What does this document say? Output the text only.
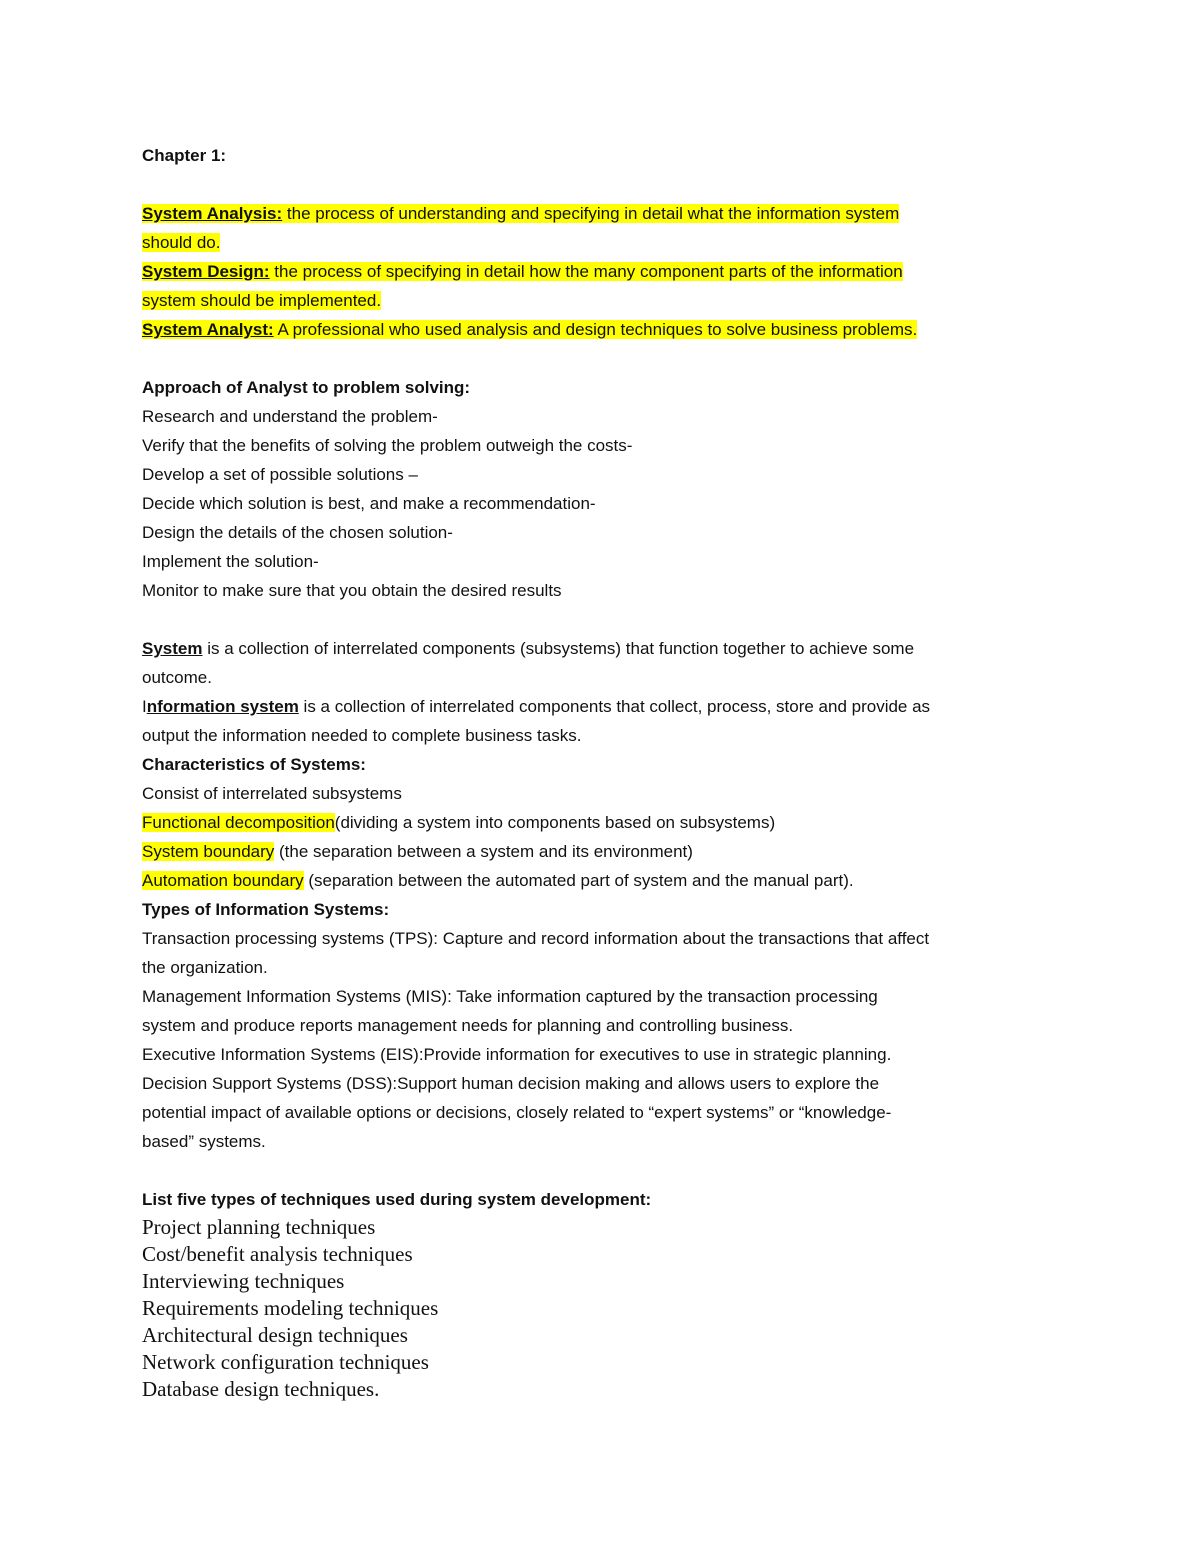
Chapter 1:
System Analysis: the process of understanding and specifying in detail what the information system
should do.
System Design: the process of specifying in detail how the many component parts of the information
system should be implemented.
System Analyst: A professional who used analysis and design techniques to solve business problems.
Approach of Analyst to problem solving:
Research and understand the problem-
Verify that the benefits of solving the problem outweigh the costs-
Develop a set of possible solutions –
Decide which solution is best, and make a recommendation-
Design the details of the chosen solution-
Implement the solution-
Monitor to make sure that you obtain the desired results
System is a collection of interrelated components (subsystems) that function together to achieve some
outcome.
Information system is a collection of interrelated components that collect, process, store and provide as
output the information needed to complete business tasks.
Characteristics of Systems:
Consist of interrelated subsystems
Functional decomposition(dividing a system into components based on subsystems)
System boundary (the separation between a system and its environment)
Automation boundary (separation between the automated part of system and the manual part).
Types of Information Systems:
Transaction processing systems (TPS): Capture and record information about the transactions that affect
the organization.
Management Information Systems (MIS): Take information captured by the transaction processing
system and produce reports management needs for planning and controlling business.
Executive Information Systems (EIS):Provide information for executives to use in strategic planning.
Decision Support Systems (DSS):Support human decision making and allows users to explore the
potential impact of available options or decisions, closely related to “expert systems” or “knowledge-
based” systems.
List five types of techniques used during system development:
Project planning techniques
Cost/benefit analysis techniques
Interviewing techniques
Requirements modeling techniques
Architectural design techniques
Network configuration techniques
Database design techniques.
